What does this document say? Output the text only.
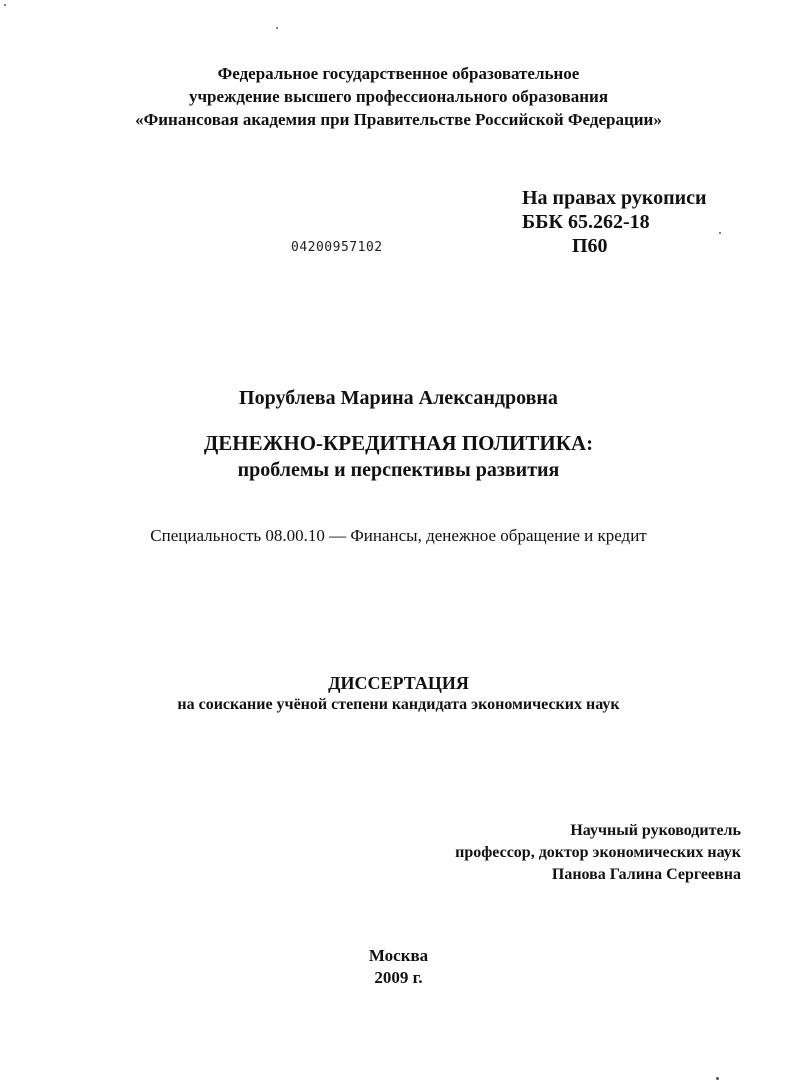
Федеральное государственное образовательное
учреждение высшего профессионального образования
«Финансовая академия при Правительстве Российской Федерации»
На правах рукописи
ББК 65.262-18
П60
04200957102
Порублева Марина Александровна
ДЕНЕЖНО-КРЕДИТНАЯ ПОЛИТИКА:
проблемы и перспективы развития
Специальность 08.00.10 — Финансы, денежное обращение и кредит
ДИССЕРТАЦИЯ
на соискание учёной степени кандидата экономических наук
Научный руководитель
профессор, доктор экономических наук
Панова Галина Сергеевна
Москва
2009 г.
